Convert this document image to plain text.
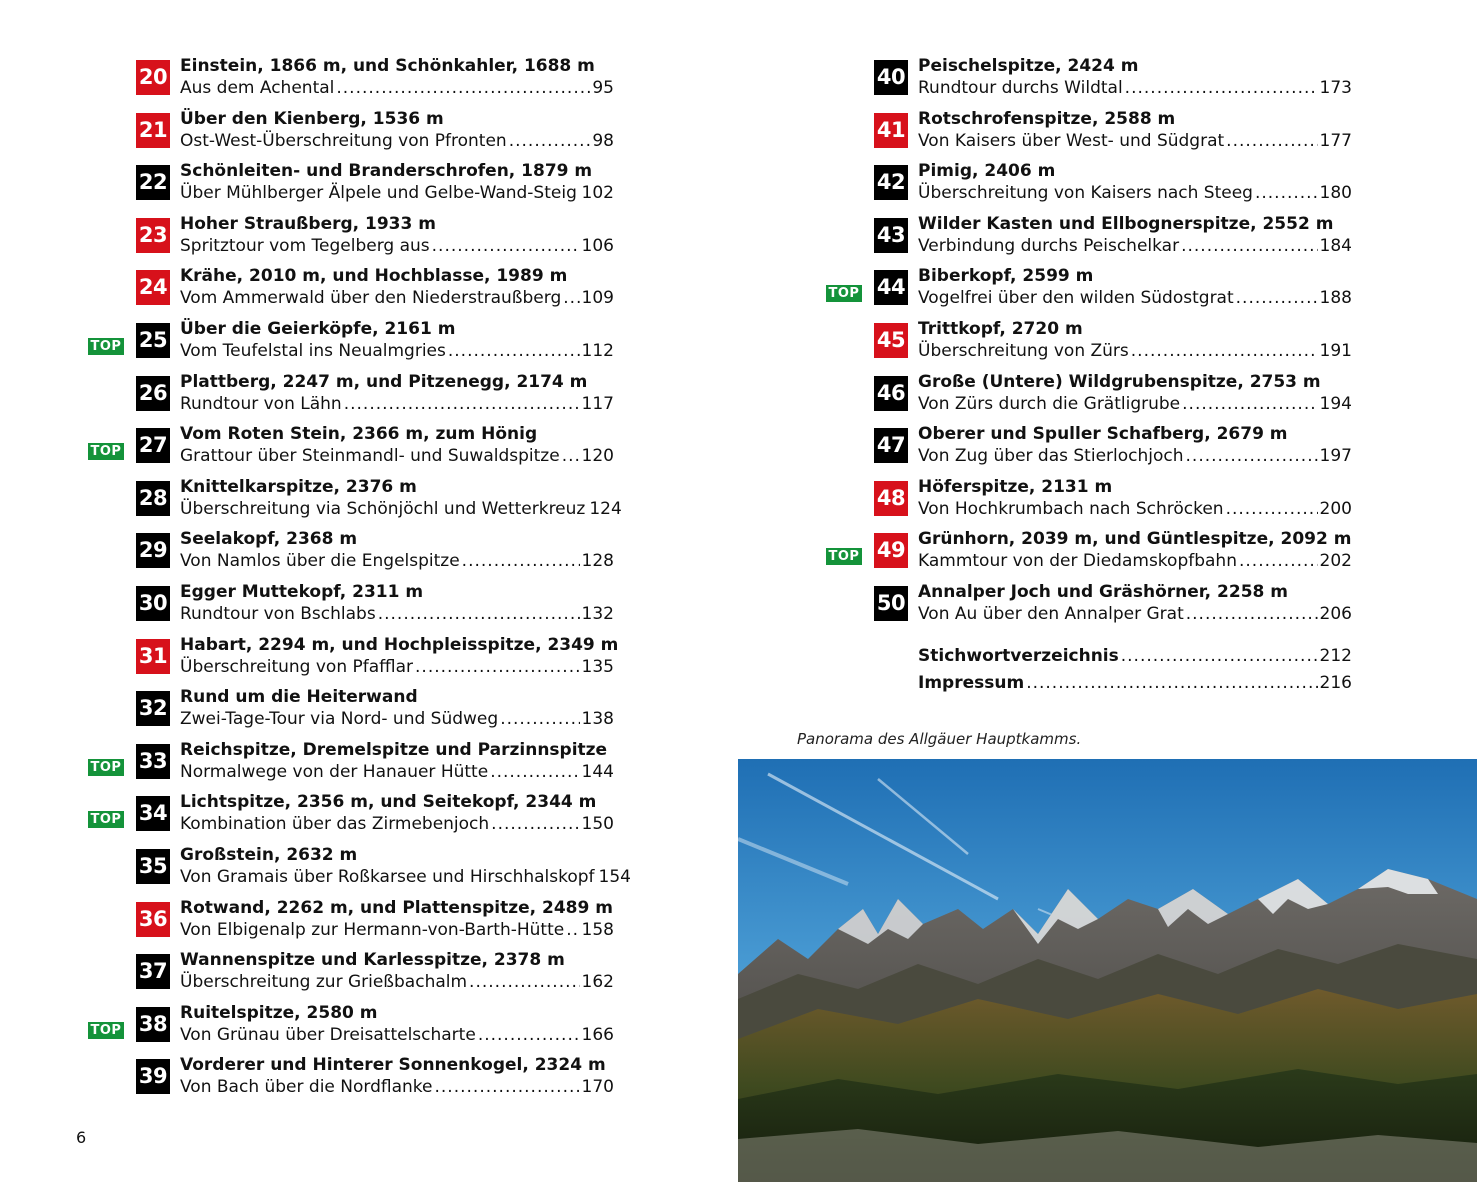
20 Einstein, 1866 m, und Schönkahler, 1688 m
Aus dem Achental .....	95
21 Über den Kienberg, 1536 m
Ost-West-Überschreitung von Pfronten .....	98
22 Schönleiten- und Branderschrofen, 1879 m
Über Mühlberger Älpele und Gelbe-Wand-Steig ..... 102
23 Hoher Straußberg, 1933 m
Spritztour vom Tegelberg aus .....	106
24 Krähe, 2010 m, und Hochblasse, 1989 m
Vom Ammerwald über den Niederstraußberg ..... 109
TOP 25 Über die Geierköpfe, 2161 m
Vom Teufelstal ins Neualmgries .....	112
26 Plattberg, 2247 m, und Pitzenegg, 2174 m
Rundtour von Lähn .....	117
TOP 27 Vom Roten Stein, 2366 m, zum Hönig
Grattour über Steinmandl- und Suwaldspitze ..... 120
28 Knittelkarspitze, 2376 m
Überschreitung via Schönjöchl und Wetterkreuz 124
29 Seelakopf, 2368 m
Von Namlos über die Engelspitze .....	128
30 Egger Muttekopf, 2311 m
Rundtour von Bschlabs .....	132
31 Habart, 2294 m, und Hochpleisspitze, 2349 m
Überschreitung von Pfafflar .....	135
32 Rund um die Heiterwand
Zwei-Tage-Tour via Nord- und Südweg .....	138
TOP 33 Reichspitze, Dremelspitze und Parzinnspitze
Normalwege von der Hanauer Hütte .....	144
TOP 34 Lichtspitze, 2356 m, und Seitekopf, 2344 m
Kombination über das Zirmebenjoch .....	150
35 Großstein, 2632 m
Von Gramais über Roßkarsee und Hirschhalskopf 154
36 Rotwand, 2262 m, und Plattenspitze, 2489 m
Von Elbigenalp zur Hermann-von-Barth-Hütte ..... 158
37 Wannenspitze und Karlesspitze, 2378 m
Überschreitung zur Grießbachalm .....	162
TOP 38 Ruitelspitze, 2580 m
Von Grünau über Dreisattelscharte .....	166
39 Vorderer und Hinterer Sonnenkogel, 2324 m
Von Bach über die Nordflanke .....	170
40 Peischelspitze, 2424 m
Rundtour durchs Wildtal .....	173
41 Rotschrofenspitze, 2588 m
Von Kaisers über West- und Südgrat .....	177
42 Pimig, 2406 m
Überschreitung von Kaisers nach Steeg .....	180
43 Wilder Kasten und Ellbognerspitze, 2552 m
Verbindung durchs Peischelkar .....	184
TOP 44 Biberkopf, 2599 m
Vogelfrei über den wilden Südostgrat .....	188
45 Trittkopf, 2720 m
Überschreitung von Zürs .....	191
46 Große (Untere) Wildgrubenspitze, 2753 m
Von Zürs durch die Grätligrube .....	194
47 Oberer und Spuller Schafberg, 2679 m
Von Zug über das Stierlochjoch .....	197
48 Höferspitze, 2131 m
Von Hochkrumbach nach Schröcken .....	200
TOP 49 Grünhorn, 2039 m, und Güntlespitze, 2092 m
Kammtour von der Diedamskopfbahn .....	202
50 Annalper Joch und Gräshörner, 2258 m
Von Au über den Annalper Grat .....	206
Stichwortverzeichnis .....	212
Impressum .....	216
Panorama des Allgäuer Hauptkamms.
6
